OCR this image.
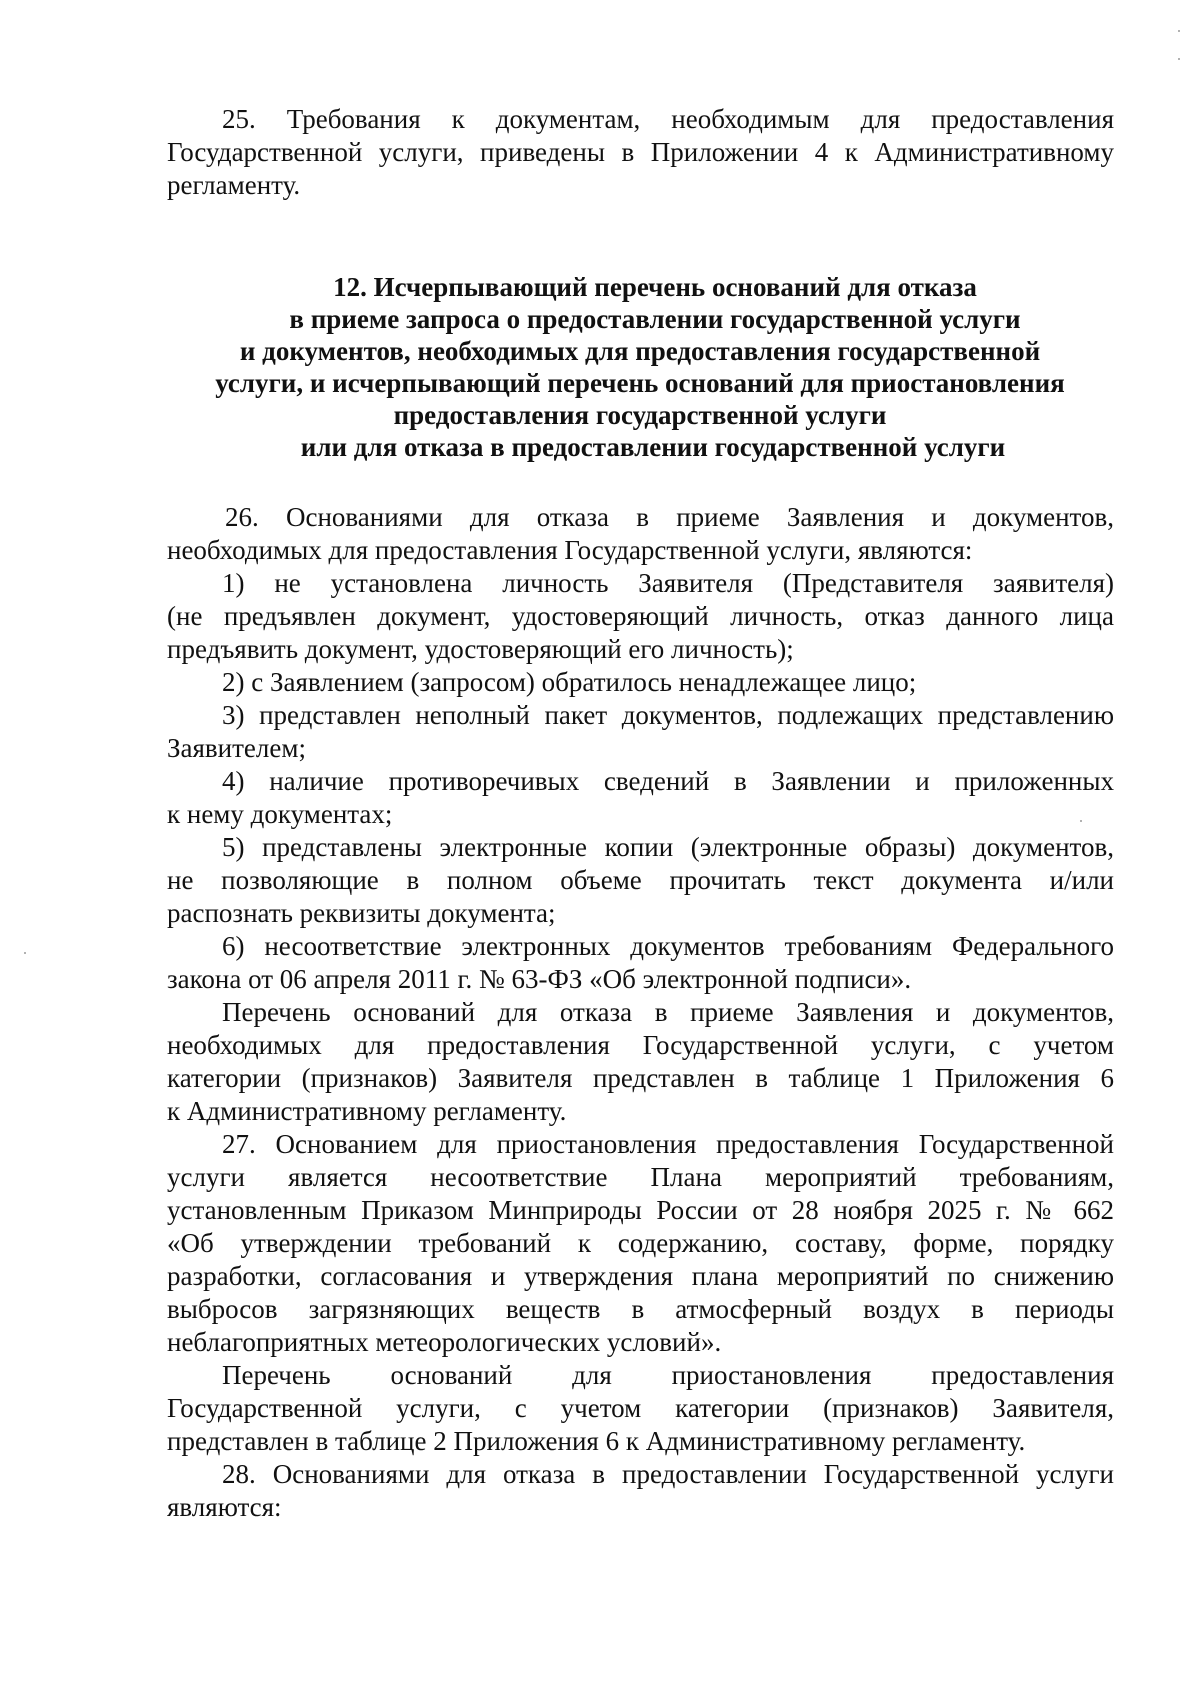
25. Требования к документам, необходимым для предоставления
Государственной услуги, приведены в Приложении 4 к Административному
регламенту.
12. Исчерпывающий перечень оснований для отказа
в приеме запроса о предоставлении государственной услуги
и документов, необходимых для предоставления государственной
услуги, и исчерпывающий перечень оснований для приостановления
предоставления государственной услуги
или для отказа в предоставлении государственной услуги
26. Основаниями для отказа в приеме Заявления и документов,
необходимых для предоставления Государственной услуги, являются:
1) не установлена личность Заявителя (Представителя заявителя)
(не предъявлен документ, удостоверяющий личность, отказ данного лица
предъявить документ, удостоверяющий его личность);
2) с Заявлением (запросом) обратилось ненадлежащее лицо;
3) представлен неполный пакет документов, подлежащих представлению
Заявителем;
4) наличие противоречивых сведений в Заявлении и приложенных
к нему документах;
5) представлены электронные копии (электронные образы) документов,
не позволяющие в полном объеме прочитать текст документа и/или
распознать реквизиты документа;
6) несоответствие электронных документов требованиям Федерального
закона от 06 апреля 2011 г. № 63-ФЗ «Об электронной подписи».
Перечень оснований для отказа в приеме Заявления и документов,
необходимых для предоставления Государственной услуги, с учетом
категории (признаков) Заявителя представлен в таблице 1 Приложения 6
к Административному регламенту.
27. Основанием для приостановления предоставления Государственной
услуги является несоответствие Плана мероприятий требованиям,
установленным Приказом Минприроды России от 28 ноября 2025 г. № 662
«Об утверждении требований к содержанию, составу, форме, порядку
разработки, согласования и утверждения плана мероприятий по снижению
выбросов загрязняющих веществ в атмосферный воздух в периоды
неблагоприятных метеорологических условий».
Перечень оснований для приостановления предоставления
Государственной услуги, с учетом категории (признаков) Заявителя,
представлен в таблице 2 Приложения 6 к Административному регламенту.
28. Основаниями для отказа в предоставлении Государственной услуги
являются:
